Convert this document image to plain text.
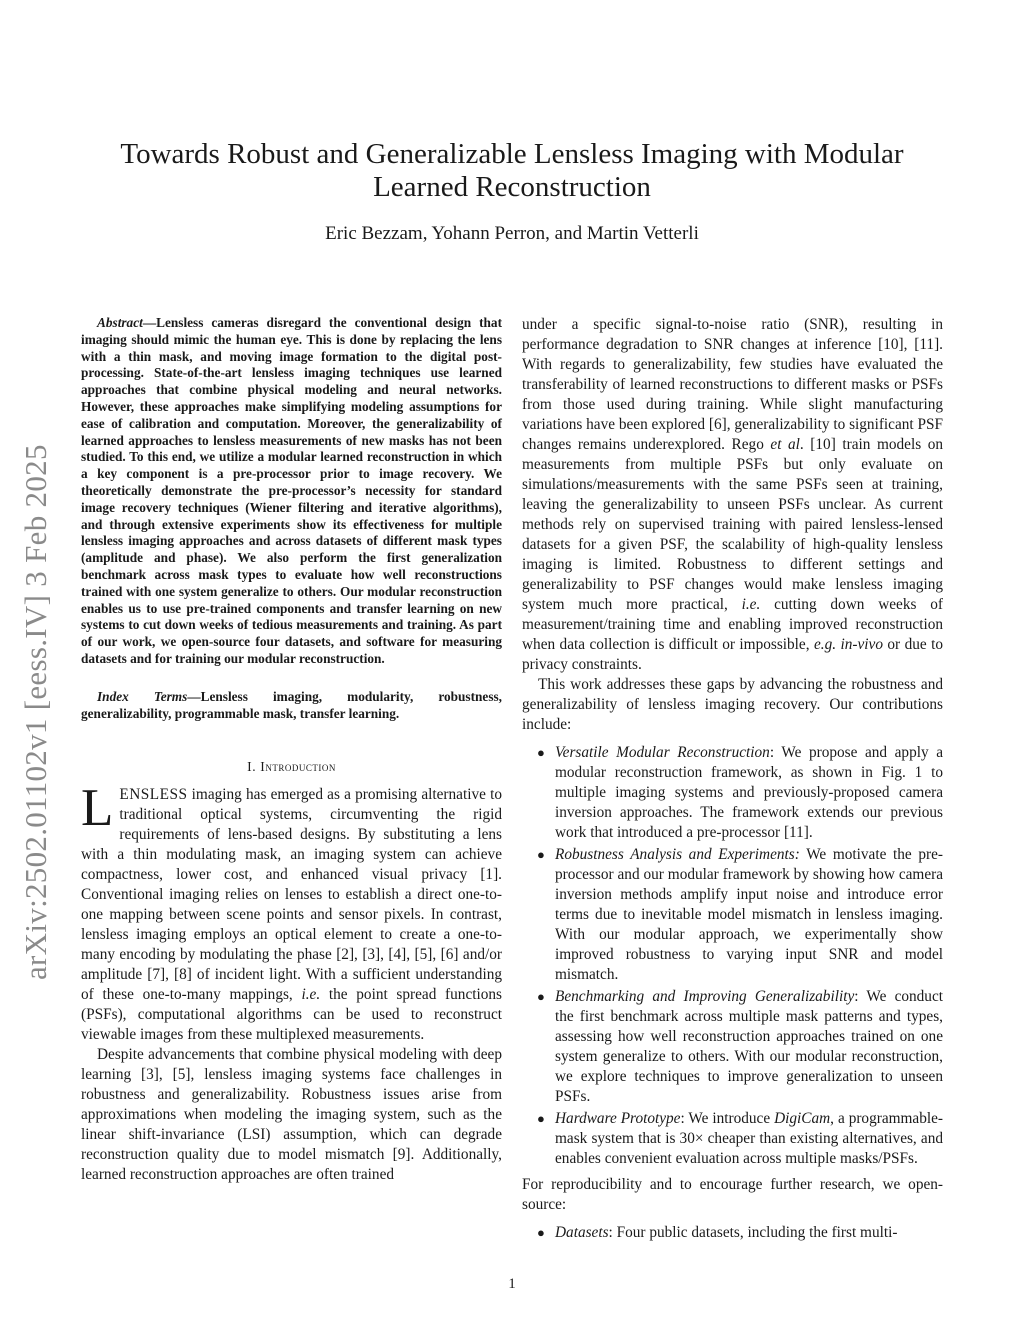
arXiv:2502.01102v1 [eess.IV] 3 Feb 2025
Towards Robust and Generalizable Lensless Imaging with Modular
Learned Reconstruction

Eric Bezzam, Yohann Perron, and Martin Vetterli

Abstract—Lensless cameras disregard the conventional design that imaging should mimic the human eye. This is done by replacing the lens with a thin mask, and moving image formation to the digital post-processing. State-of-the-art lensless imaging techniques use learned approaches that combine physical modeling and neural networks. However, these approaches make simplifying modeling assumptions for ease of calibration and computation. Moreover, the generalizability of learned approaches to lensless measurements of new masks has not been studied. To this end, we utilize a modular learned reconstruction in which a key component is a pre-processor prior to image recovery. We theoretically demonstrate the pre-processor’s necessity for standard image recovery techniques (Wiener filtering and iterative algorithms), and through extensive experiments show its effectiveness for multiple lensless imaging approaches and across datasets of different mask types (amplitude and phase). We also perform the first generalization benchmark across mask types to evaluate how well reconstructions trained with one system generalize to others. Our modular reconstruction enables us to use pre-trained components and transfer learning on new systems to cut down weeks of tedious measurements and training. As part of our work, we open-source four datasets, and software for measuring datasets and for training our modular reconstruction.

Index Terms—Lensless imaging, modularity, robustness, generalizability, programmable mask, transfer learning.

I. Introduction

LENSLESS imaging has emerged as a promising alternative to traditional optical systems, circumventing the rigid requirements of lens-based designs. By substituting a lens with a thin modulating mask, an imaging system can achieve compactness, lower cost, and enhanced visual privacy [1]. Conventional imaging relies on lenses to establish a direct one-to-one mapping between scene points and sensor pixels. In contrast, lensless imaging employs an optical element to create a one-to-many encoding by modulating the phase [2], [3], [4], [5], [6] and/or amplitude [7], [8] of incident light. With a sufficient understanding of these one-to-many mappings, i.e. the point spread functions (PSFs), computational algorithms can be used to reconstruct viewable images from these multiplexed measurements.

Despite advancements that combine physical modeling with deep learning [3], [5], lensless imaging systems face challenges in robustness and generalizability. Robustness issues arise from approximations when modeling the imaging system, such as the linear shift-invariance (LSI) assumption, which can degrade reconstruction quality due to model mismatch [9]. Additionally, learned reconstruction approaches are often trained

under a specific signal-to-noise ratio (SNR), resulting in performance degradation to SNR changes at inference [10], [11]. With regards to generalizability, few studies have evaluated the transferability of learned reconstructions to different masks or PSFs from those used during training. While slight manufacturing variations have been explored [6], generalizability to significant PSF changes remains underexplored. Rego et al. [10] train models on measurements from multiple PSFs but only evaluate on simulations/measurements with the same PSFs seen at training, leaving the generalizability to unseen PSFs unclear. As current methods rely on supervised training with paired lensless-lensed datasets for a given PSF, the scalability of high-quality lensless imaging is limited. Robustness to different settings and generalizability to PSF changes would make lensless imaging system much more practical, i.e. cutting down weeks of measurement/training time and enabling improved reconstruction when data collection is difficult or impossible, e.g. in-vivo or due to privacy constraints.

This work addresses these gaps by advancing the robustness and generalizability of lensless imaging recovery. Our contributions include:

● Versatile Modular Reconstruction: We propose and apply a modular reconstruction framework, as shown in Fig. 1 to multiple imaging systems and previously-proposed camera inversion approaches. The framework extends our previous work that introduced a pre-processor [11].
● Robustness Analysis and Experiments: We motivate the pre-processor and our modular framework by showing how camera inversion methods amplify input noise and introduce error terms due to inevitable model mismatch in lensless imaging. With our modular approach, we experimentally show improved robustness to varying input SNR and model mismatch.
● Benchmarking and Improving Generalizability: We conduct the first benchmark across multiple mask patterns and types, assessing how well reconstruction approaches trained on one system generalize to others. With our modular reconstruction, we explore techniques to improve generalization to unseen PSFs.
● Hardware Prototype: We introduce DigiCam, a programmable-mask system that is 30× cheaper than existing alternatives, and enables convenient evaluation across multiple masks/PSFs.

For reproducibility and to encourage further research, we open-source:

● Datasets: Four public datasets, including the first multi-
1
